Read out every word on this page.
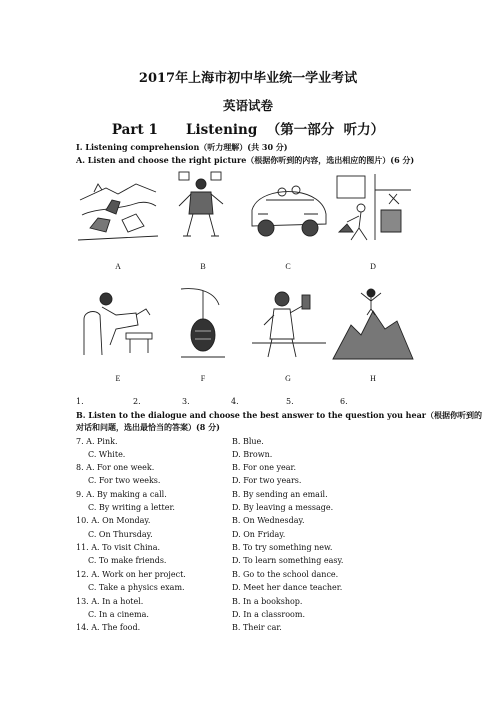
2017年上海市初中毕业统一学业考试
英语试卷
Part 1      Listening  （第一部分  听力）
I. Listening comprehension（听力理解）(共 30 分)
A. Listen and choose the right picture（根据你听到的内容，选出相应的图片）(6 分)
A	B	C	D
E	F	G	H
1.	2.	3.	4.	5.	6.
B. Listen to the dialogue and choose the best answer to the question you hear（根据你听到的
对话和问题，选出最恰当的答案）(8 分)
7. A. Pink.	B. Blue.
C. White.	D. Brown.
8. A. For one week.	B. For one year.
C. For two weeks.	D. For two years.
9. A. By making a call.	B. By sending an email.
C. By writing a letter.	D. By leaving a message.
10. A. On Monday.	B. On Wednesday.
C. On Thursday.	D. On Friday.
11. A. To visit China.	B. To try something new.
C. To make friends.	D. To learn something easy.
12. A. Work on her project.	B. Go to the school dance.
C. Take a physics exam.	D. Meet her dance teacher.
13. A. In a hotel.	B. In a bookshop.
C. In a cinema.	D. In a classroom.
14. A. The food.	B. Their car.
